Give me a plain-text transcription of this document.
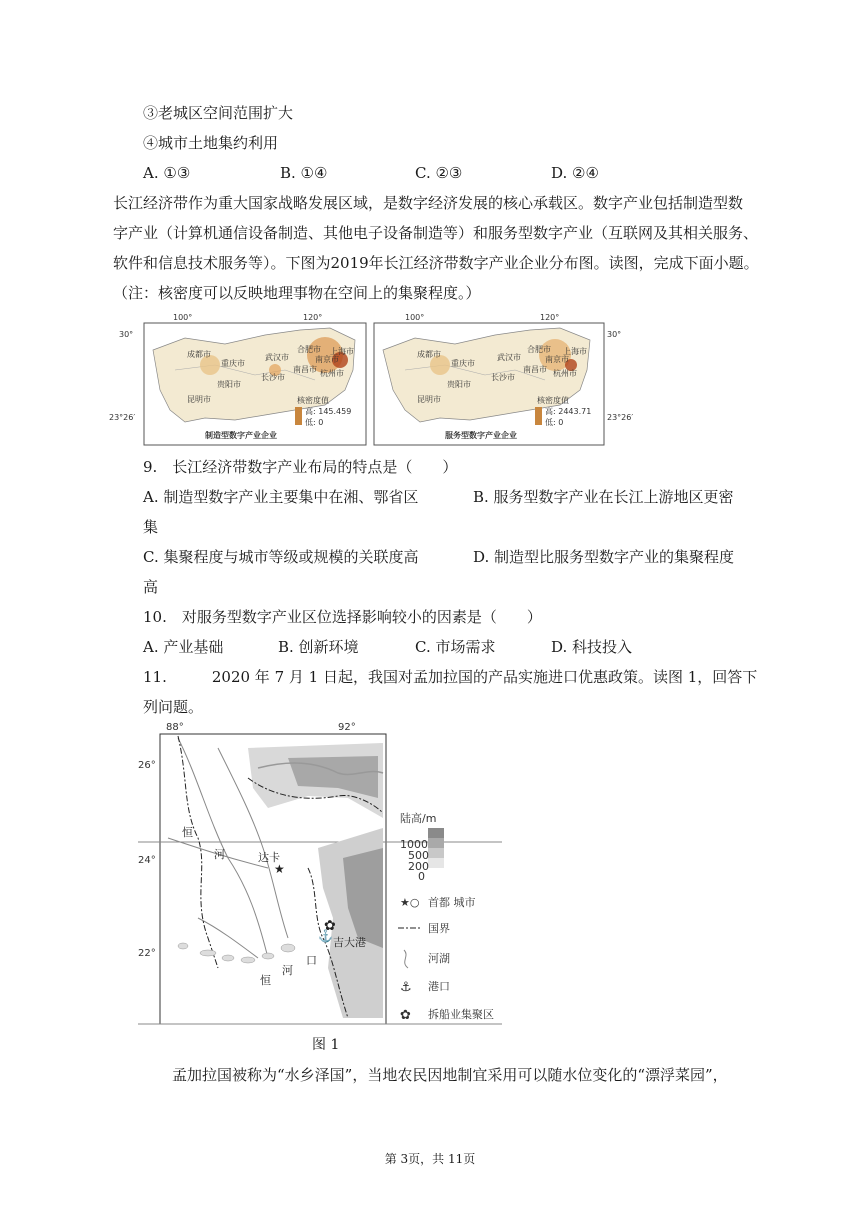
③老城区空间范围扩大
④城市土地集约利用
A. ①③	B. ①④	C. ②③	D. ②④
长江经济带作为重大国家战略发展区域，是数字经济发展的核心承载区。数字产业包括制造型数
字产业（计算机通信设备制造、其他电子设备制造等）和服务型数字产业（互联网及其相关服务、
软件和信息技术服务等）。下图为2019年长江经济带数字产业企业分布图。读图，完成下面小题。
（注：核密度可以反映地理事物在空间上的集聚程度。）
100°	120°	100°	120°
30°	30°
23°26′	23°26′
成都市
重庆市
武汉市
长沙市
南昌市
合肥市
南京市
上海市
杭州市
昆明市
贵阳市
核密度值
高: 145.459
低: 0
制造型数字产业企业
成都市
重庆市
武汉市
长沙市
南昌市
合肥市
南京市
上海市
杭州市
昆明市
贵阳市
核密度值
高: 2443.71
低: 0
服务型数字产业企业
9.　长江经济带数字产业布局的特点是（　　）
A. 制造型数字产业主要集中在湘、鄂省区	B. 服务型数字产业在长江上游地区更密
集
C. 集聚程度与城市等级或规模的关联度高	D. 制造型比服务型数字产业的集聚程度
高
10.　对服务型数字产业区位选择影响较小的因素是（　　）
A. 产业基础	B. 创新环境	C. 市场需求	D. 科技投入
11.　　　2020 年 7 月 1 日起，我国对孟加拉国的产品实施进口优惠政策。读图 1，回答下
列问题。
88°	92°
26°
24°
22°
恒
河	达卡
★
✿
⚓ 吉大港
恒
河
口
陆高/m
1000
500
200
0
★○ 首都 城市
国界
河湖
⚓ 港口
✿ 拆船业集聚区
图 1
孟加拉国被称为“水乡泽国”，当地农民因地制宜采用可以随水位变化的“漂浮菜园”，
第 3页，共 11页
